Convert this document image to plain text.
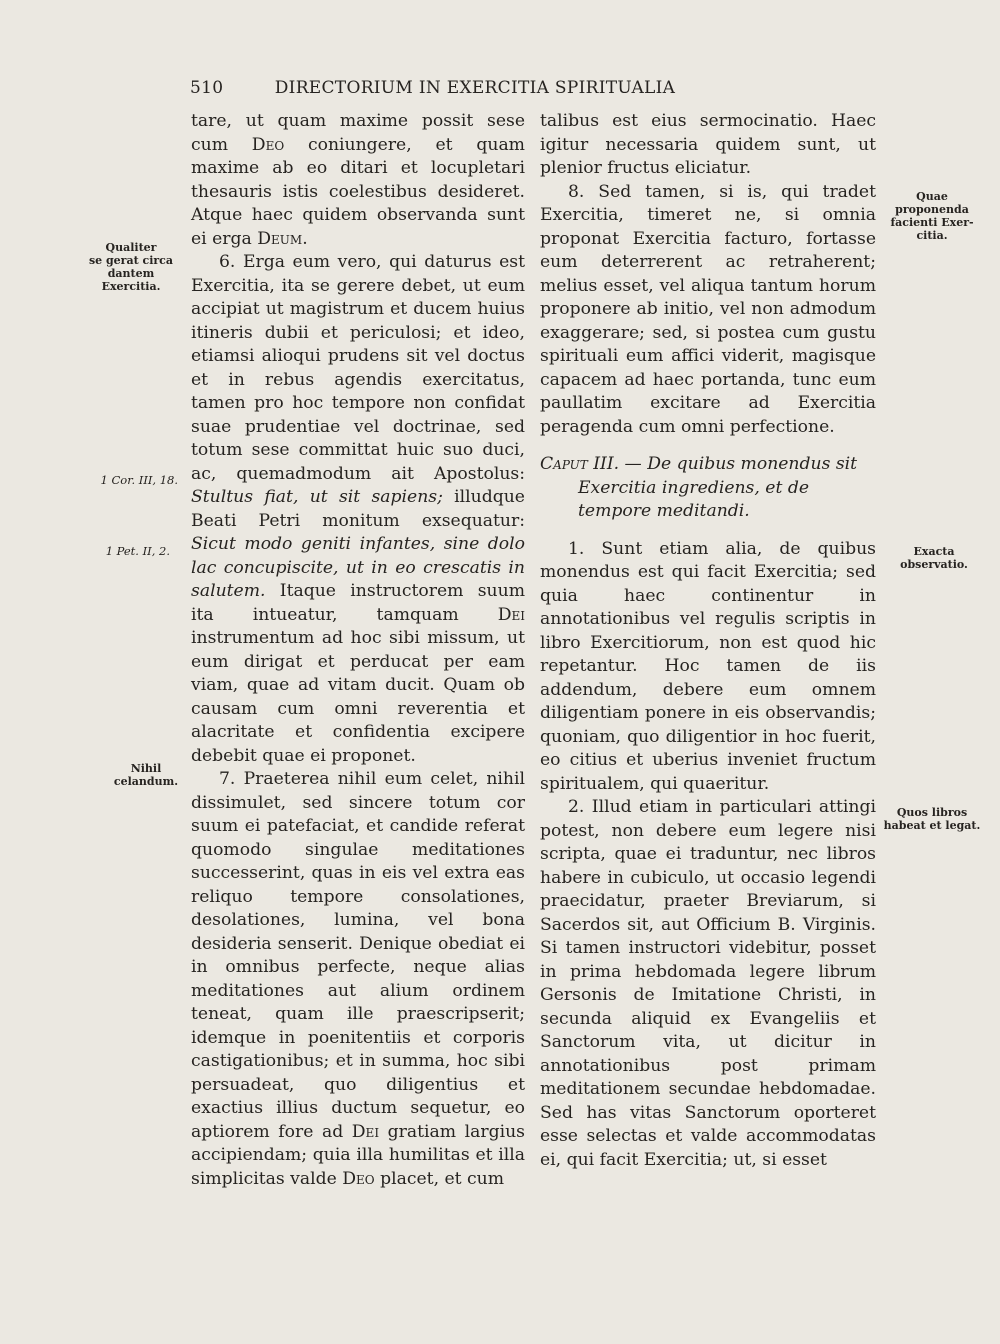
510	DIRECTORIUM IN EXERCITIA SPIRITUALIA
Qualiter
se gerat circa
dantem
Exercitia.
1 Cor. III, 18.
1 Pet. II, 2.
Nihil
celandum.
Quae
proponenda
facienti Exer-
citia.
Exacta
observatio.
Quos libros
habeat et legat.

tare, ut quam maxime possit sese cum Deo coniungere, et quam maxime ab eo ditari et locupletari thesauris istis coelestibus desideret. Atque haec quidem observanda sunt ei erga Deum.

6. Erga eum vero, qui daturus est Exercitia, ita se gerere debet, ut eum accipiat ut magistrum et ducem huius itineris dubii et periculosi; et ideo, etiamsi alioqui prudens sit vel doctus et in rebus agendis exercitatus, tamen pro hoc tempore non confidat suae prudentiae vel doctrinae, sed totum sese committat huic suo duci, ac, quemadmodum ait Apostolus: Stultus fiat, ut sit sapiens; illudque Beati Petri monitum exsequatur: Sicut modo geniti infantes, sine dolo lac concupiscite, ut in eo crescatis in salutem. Itaque instructorem suum ita intueatur, tamquam Dei instrumentum ad hoc sibi missum, ut eum dirigat et perducat per eam viam, quae ad vitam ducit. Quam ob causam cum omni reverentia et alacritate et confidentia excipere debebit quae ei proponet.

7. Praeterea nihil eum celet, nihil dissimulet, sed sincere totum cor suum ei patefaciat, et candide referat quomodo singulae meditationes successerint, quas in eis vel extra eas reliquo tempore consolationes, desolationes, lumina, vel bona desideria senserit. Denique obediat ei in omnibus perfecte, neque alias meditationes aut alium ordinem teneat, quam ille praescripserit; idemque in poenitentiis et corporis castigationibus; et in summa, hoc sibi persuadeat, quo diligentius et exactius illius ductum sequetur, eo aptiorem fore ad Dei gratiam largius accipiendam; quia illa humilitas et illa simplicitas valde Deo placet, et cum

talibus est eius sermocinatio. Haec igitur necessaria quidem sunt, ut plenior fructus eliciatur.

8. Sed tamen, si is, qui tradet Exercitia, timeret ne, si omnia proponat Exercitia facturo, fortasse eum deterrerent ac retraherent; melius esset, vel aliqua tantum horum proponere ab initio, vel non admodum exaggerare; sed, si postea cum gustu spirituali eum affici viderit, magisque capacem ad haec portanda, tunc eum paullatim excitare ad Exercitia peragenda cum omni perfectione.

Caput III. — De quibus monendus sit Exercitia ingrediens, et de tempore meditandi.

1. Sunt etiam alia, de quibus monendus est qui facit Exercitia; sed quia haec continentur in annotationibus vel regulis scriptis in libro Exercitiorum, non est quod hic repetantur. Hoc tamen de iis addendum, debere eum omnem diligentiam ponere in eis observandis; quoniam, quo diligentior in hoc fuerit, eo citius et uberius inveniet fructum spiritualem, qui quaeritur.

2. Illud etiam in particulari attingi potest, non debere eum legere nisi scripta, quae ei traduntur, nec libros habere in cubiculo, ut occasio legendi praecidatur, praeter Breviarum, si Sacerdos sit, aut Officium B. Virginis. Si tamen instructori videbitur, posset in prima hebdomada legere librum Gersonis de Imitatione Christi, in secunda aliquid ex Evangeliis et Sanctorum vita, ut dicitur in annotationibus post primam meditationem secundae hebdomadae. Sed has vitas Sanctorum oporteret esse selectas et valde accommodatas ei, qui facit Exercitia; ut, si esset
